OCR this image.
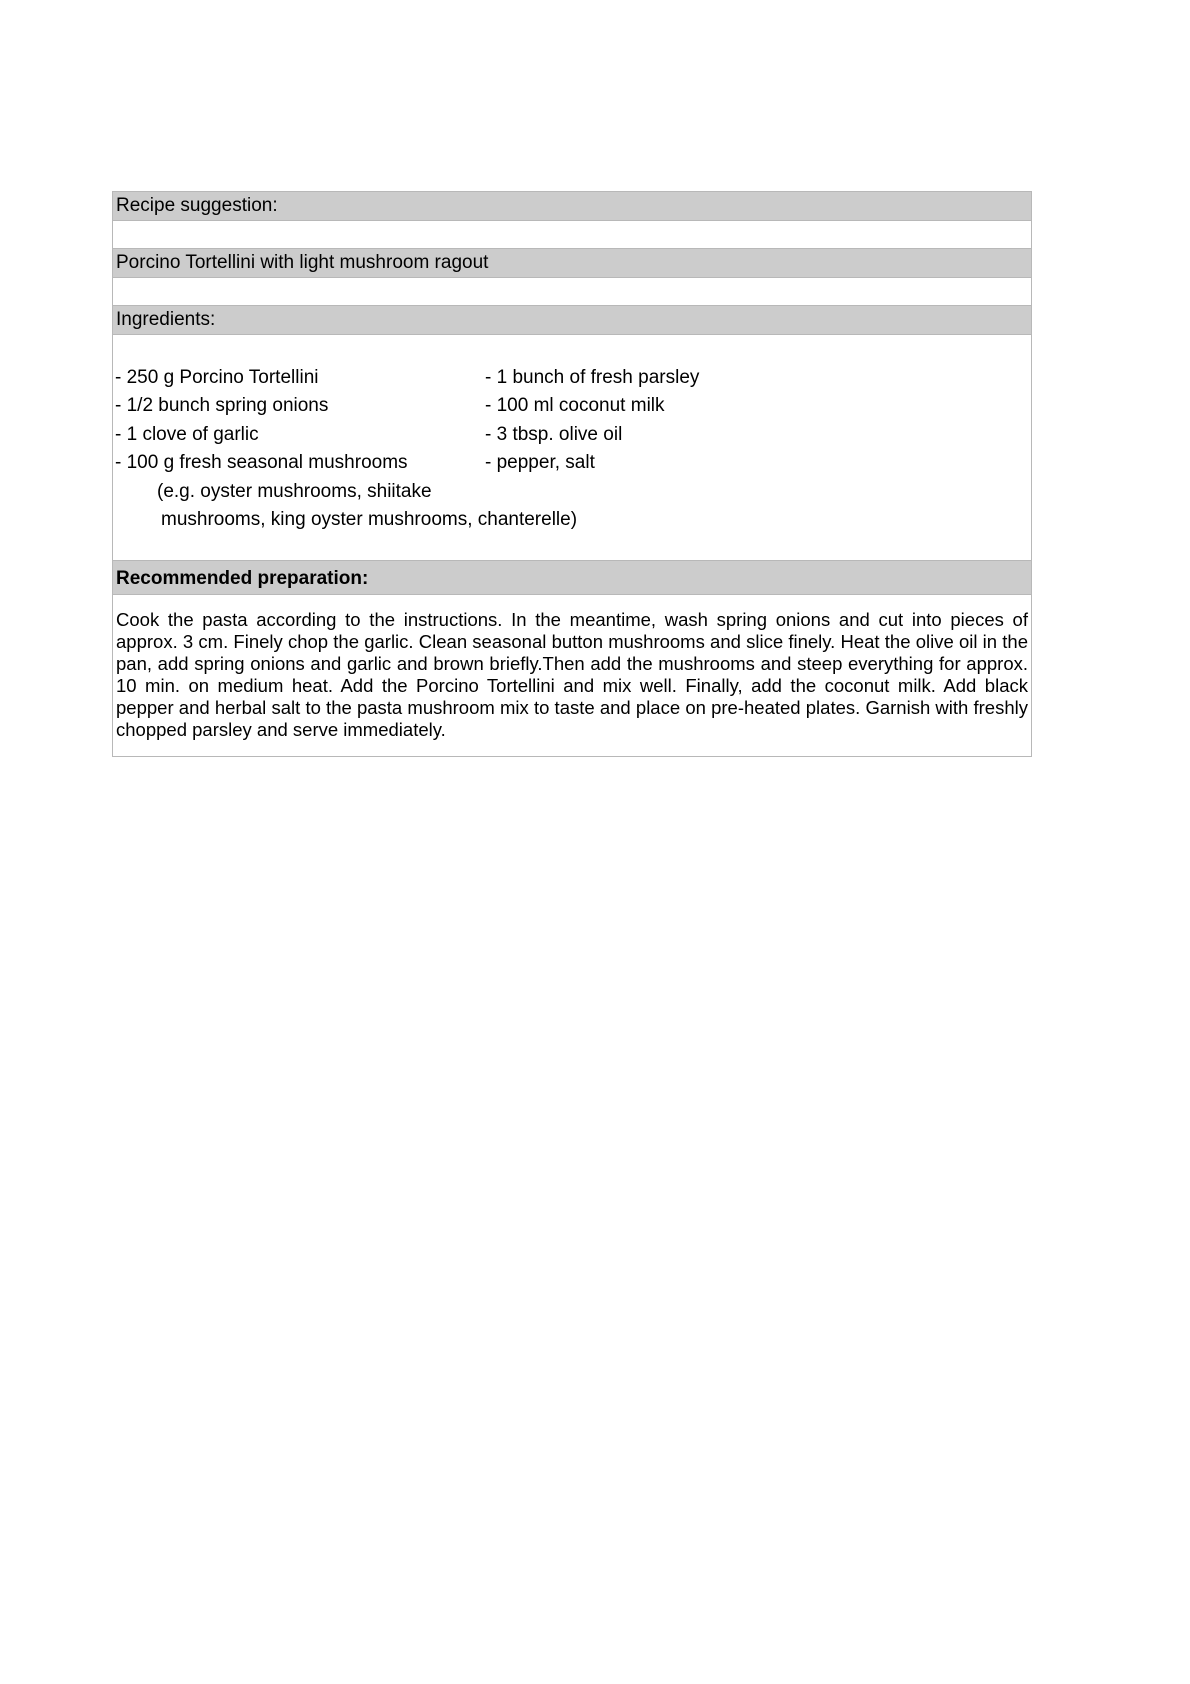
Recipe suggestion:
Porcino Tortellini with light mushroom ragout
Ingredients:
- 250 g Porcino Tortellini
- 1/2 bunch spring onions
- 1 clove of garlic
- 100 g fresh seasonal mushrooms
(e.g. oyster mushrooms, shiitake
mushrooms, king oyster mushrooms, chanterelle)
- 1 bunch of fresh parsley
- 100 ml coconut milk
- 3 tbsp. olive oil
- pepper, salt
Recommended preparation:
Cook the pasta according to the instructions. In the meantime, wash spring onions and cut into pieces of approx. 3 cm. Finely chop the garlic. Clean seasonal button mushrooms and slice finely. Heat the olive oil in the pan, add spring onions and garlic and brown briefly.Then add the mushrooms and steep everything for approx. 10 min. on medium heat. Add the Porcino Tortellini and mix well. Finally, add the coconut milk. Add black pepper and herbal salt to the pasta mushroom mix to taste and place on pre-heated plates. Garnish with freshly chopped parsley and serve immediately.
